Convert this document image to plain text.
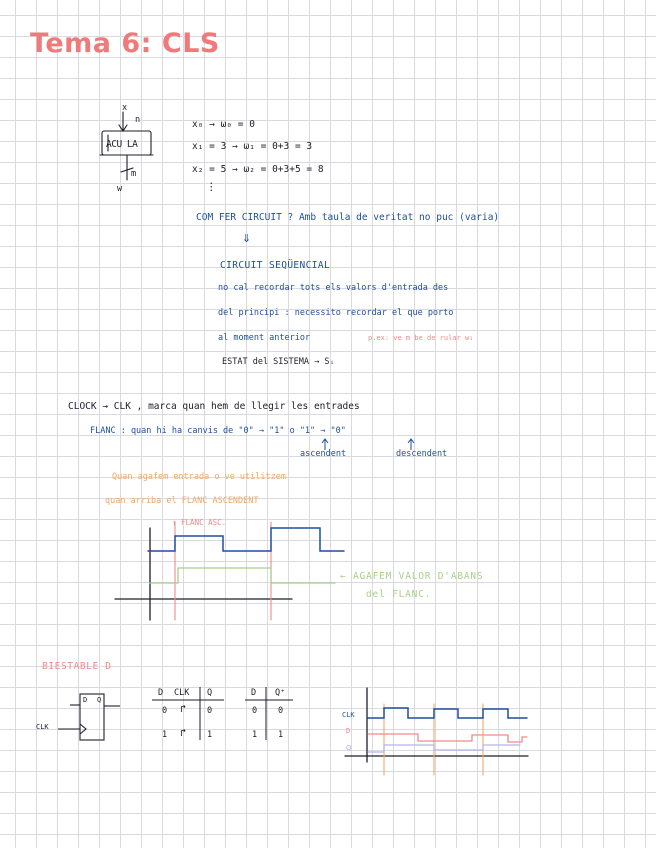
Tema 6: CLS
x
n
ACU LA
m
w
x₀ → ω₀ = 0
x₁ = 3 → ω₁ = 0+3 = 3
x₂ = 5 → ω₂ = 0+3+5 = 8
⋮
COM FER CIRCUIT ? Amb taula de veritat no puc (varia)
⇓
CIRCUIT SEQÜENCIAL
no cal recordar tots els valors d'entrada des
del principi : necessito recordar el que porto
al moment anterior	p.ex: ve m be de rular w₁
ESTAT del SISTEMA → Sᵢ
CLOCK → CLK , marca quan hem de llegir les entrades
FLANC : quan hi ha canvis de "0" → "1" o "1" → "0"
ascendent	descendent
Quan agafem entrada o ve utilitzem
quan arriba el FLANC ASCENDENT
↑ FLANC ASC.
← AGAFEM VALOR D'ABANS
del FLANC.
BIESTABLE D
D Q
CLK
D CLK Q
0 ↱ 0
1 ↱ 1
D Q⁺
0 0
1 1
CLK
D
Q
